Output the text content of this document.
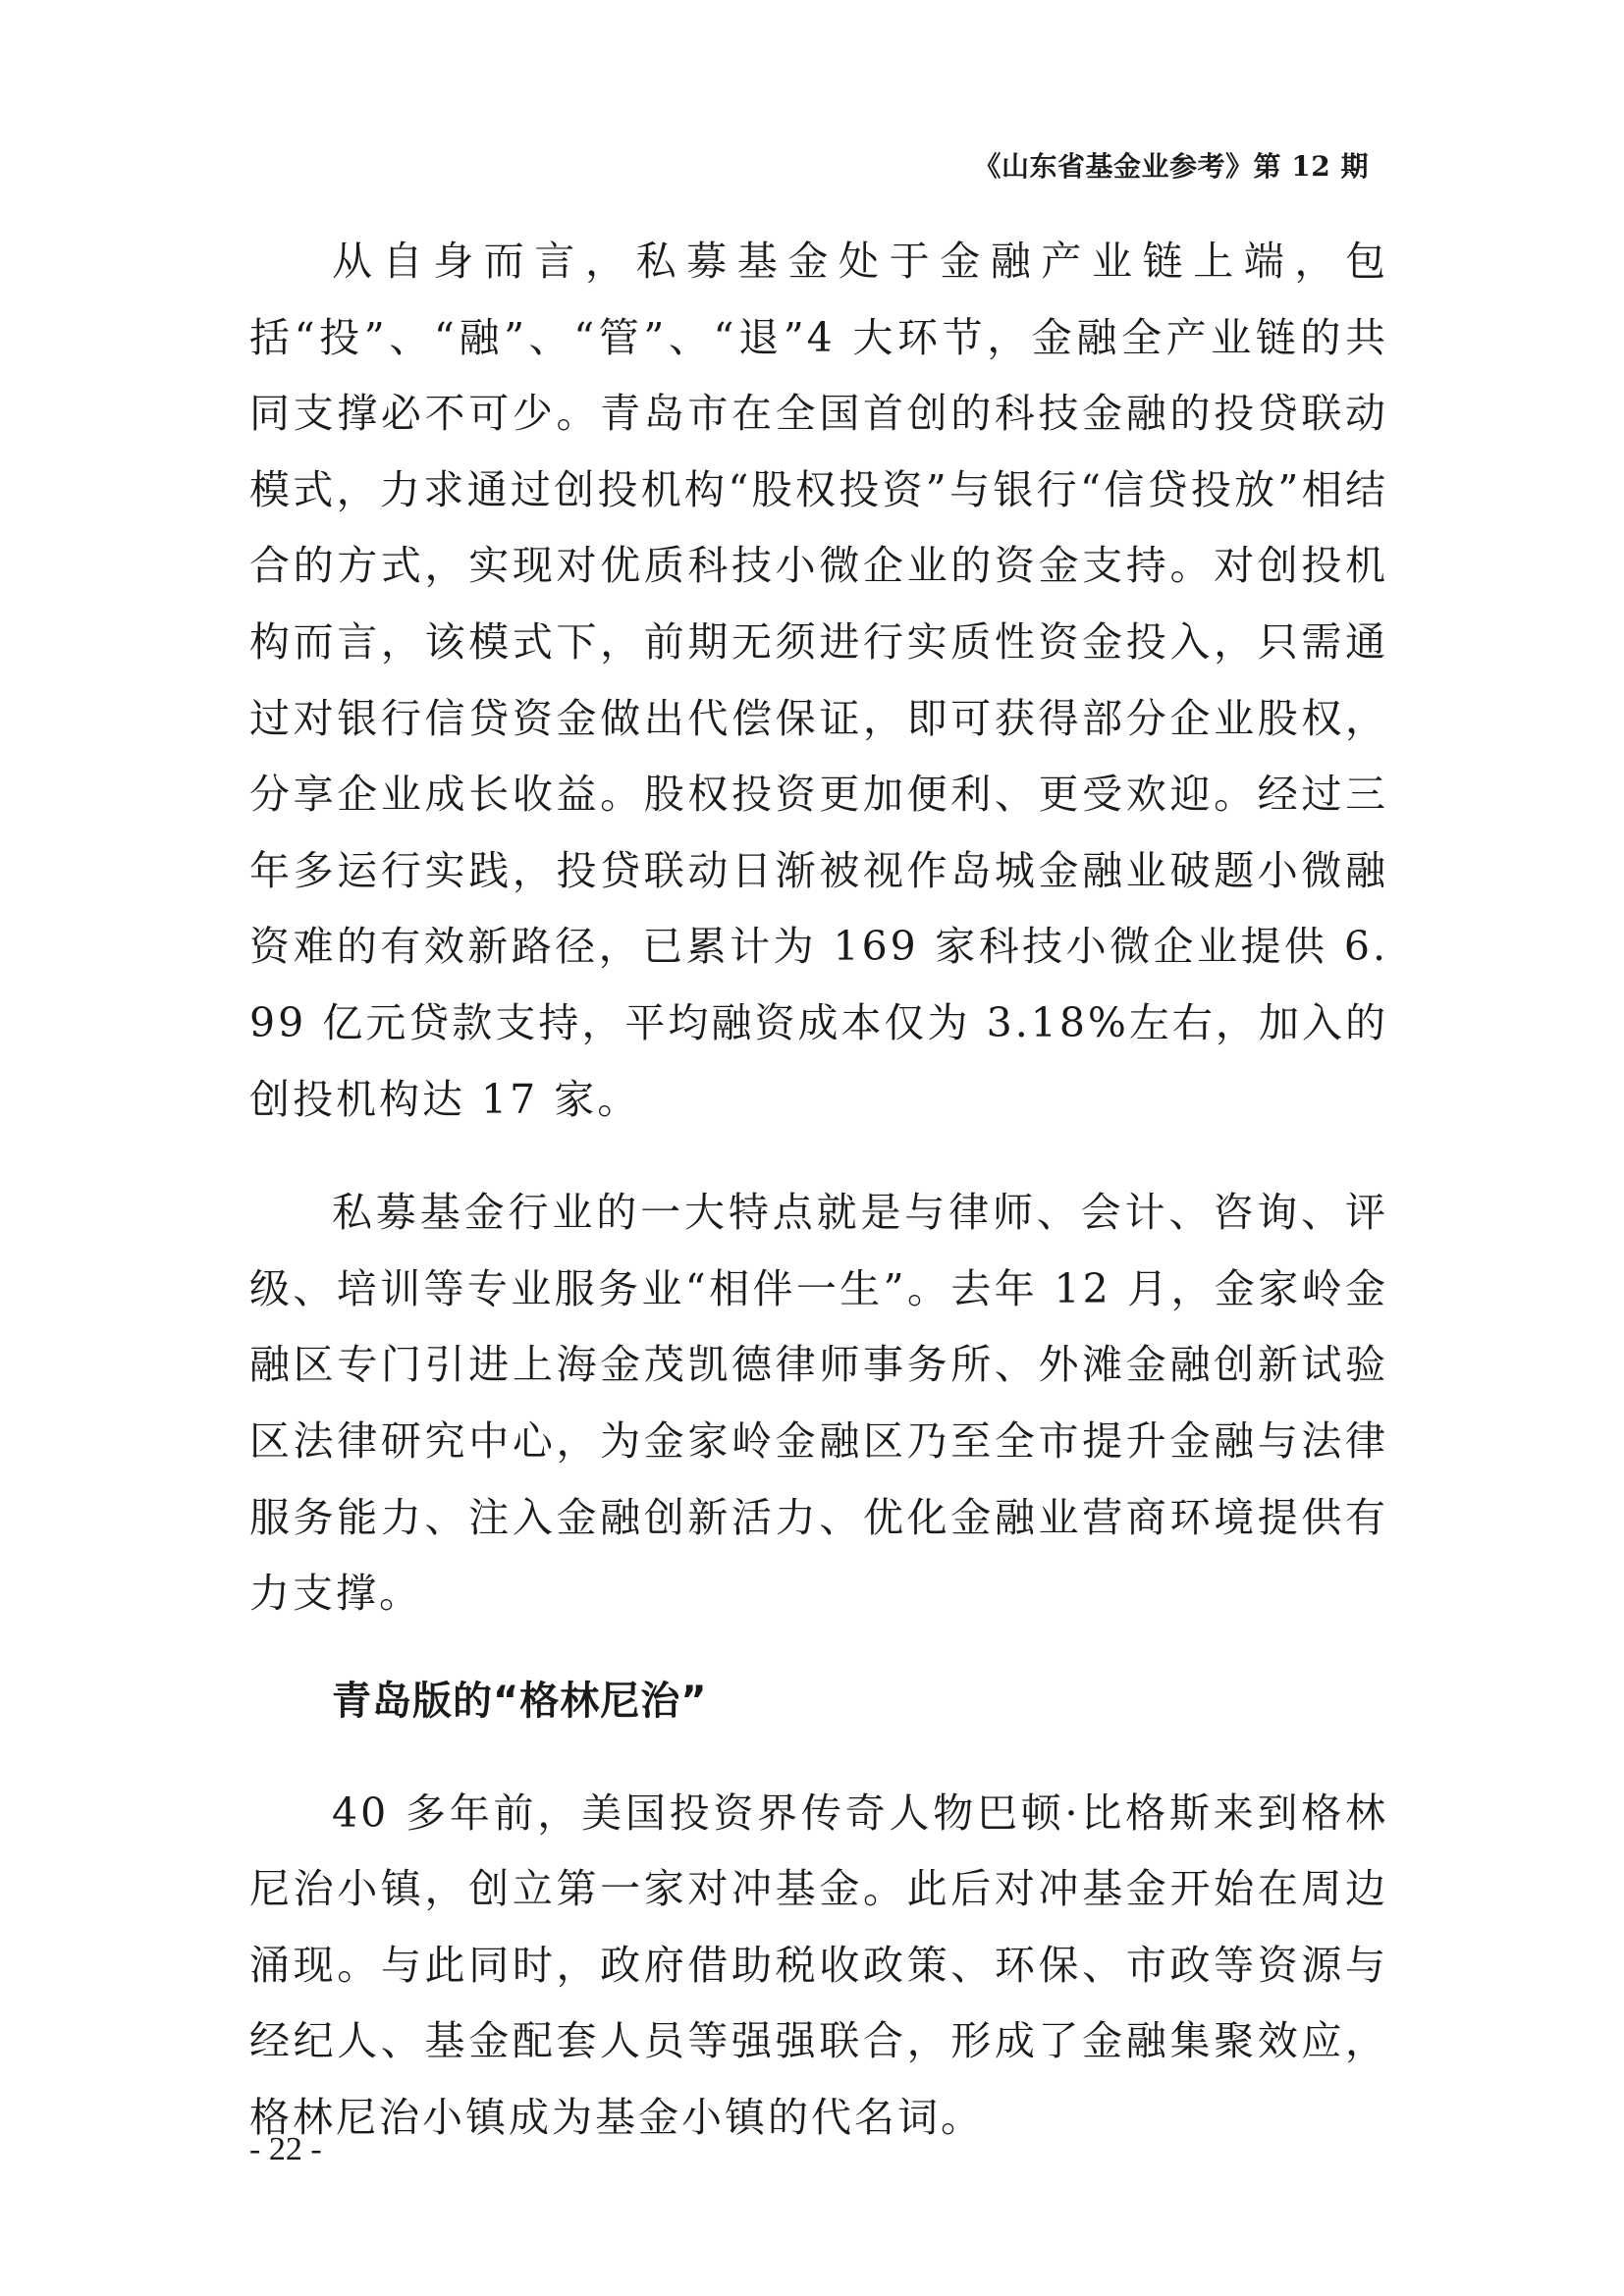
《山东省基金业参考》第 12 期

从自身而言，私募基金处于金融产业链上端，包括“投”、“融”、“管”、“退”4 大环节，金融全产业链的共同支撑必不可少。青岛市在全国首创的科技金融的投贷联动模式，力求通过创投机构“股权投资”与银行“信贷投放”相结合的方式，实现对优质科技小微企业的资金支持。对创投机构而言，该模式下，前期无须进行实质性资金投入，只需通过对银行信贷资金做出代偿保证，即可获得部分企业股权，分享企业成长收益。股权投资更加便利、更受欢迎。经过三年多运行实践，投贷联动日渐被视作岛城金融业破题小微融资难的有效新路径，已累计为 169 家科技小微企业提供 6.99 亿元贷款支持，平均融资成本仅为 3.18%左右，加入的创投机构达 17 家。

私募基金行业的一大特点就是与律师、会计、咨询、评级、培训等专业服务业“相伴一生”。去年 12 月，金家岭金融区专门引进上海金茂凯德律师事务所、外滩金融创新试验区法律研究中心，为金家岭金融区乃至全市提升金融与法律服务能力、注入金融创新活力、优化金融业营商环境提供有力支撑。

青岛版的“格林尼治”

40 多年前，美国投资界传奇人物巴顿·比格斯来到格林尼治小镇，创立第一家对冲基金。此后对冲基金开始在周边涌现。与此同时，政府借助税收政策、环保、市政等资源与经纪人、基金配套人员等强强联合，形成了金融集聚效应，格林尼治小镇成为基金小镇的代名词。

- 22 -
